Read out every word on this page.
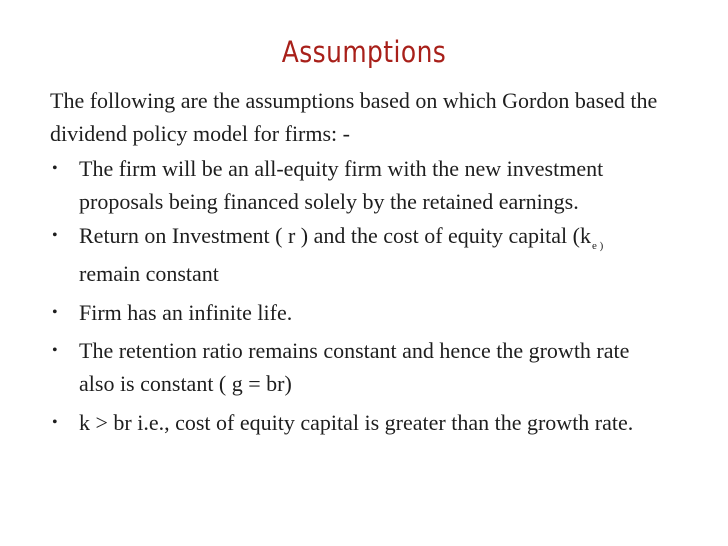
Assumptions

The following are the assumptions based on which Gordon based the dividend policy model for firms: -

• The firm will be an all-equity firm with the new investment proposals being financed solely by the retained earnings.
• Return on Investment ( r ) and the cost of equity capital ($k_{e )}$
remain constant
• Firm has an infinite life.
• The retention ratio remains constant and hence the growth rate also is constant ( g = br)
• k > br i.e., cost of equity capital is greater than the growth rate.
